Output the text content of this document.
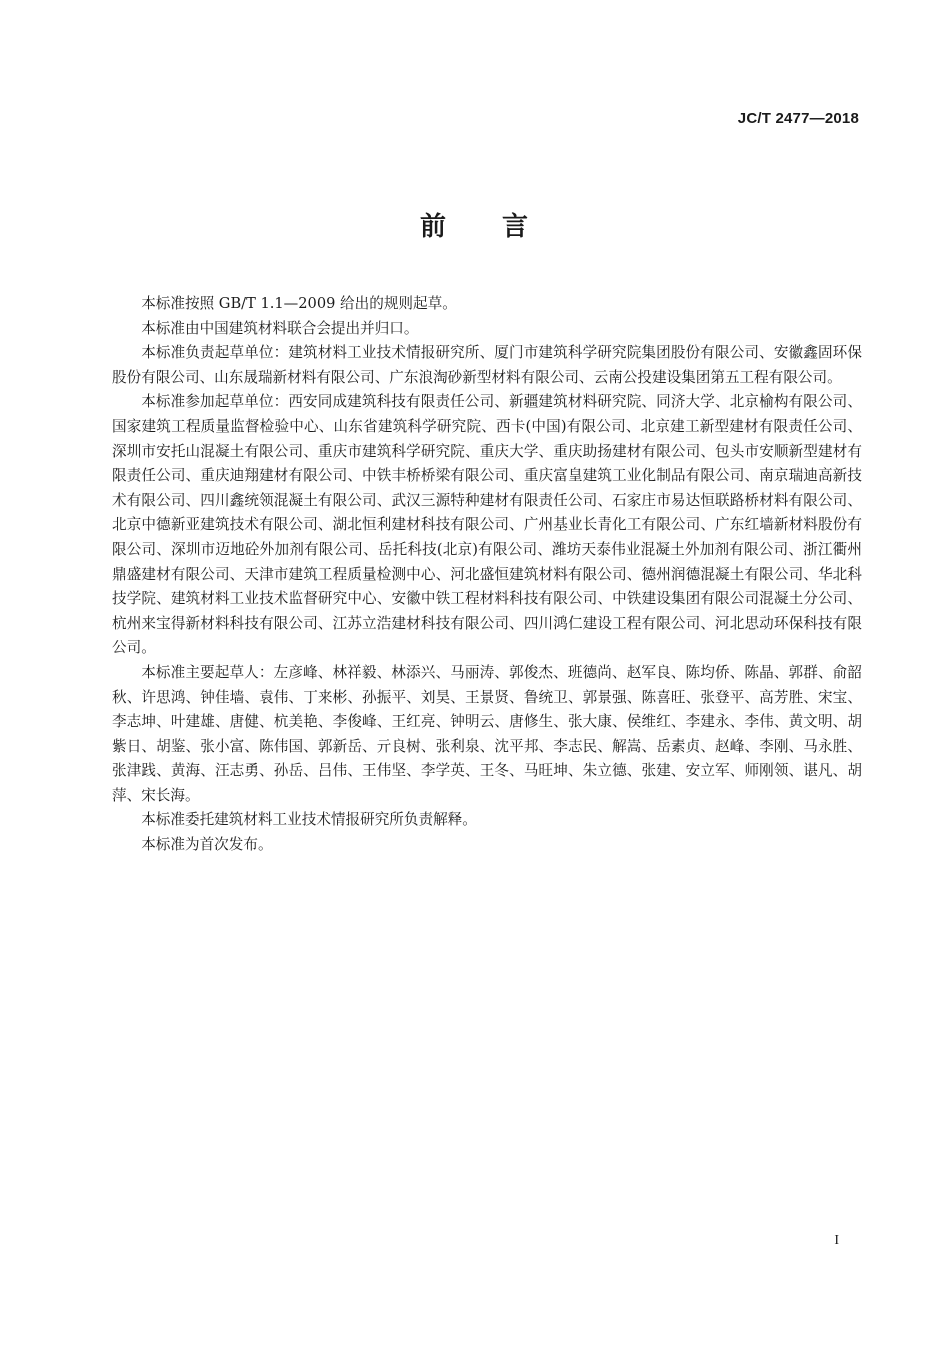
JC/T 2477—2018
前 言

本标准按照 GB/T 1.1—2009 给出的规则起草。

本标准由中国建筑材料联合会提出并归口。

本标准负责起草单位：建筑材料工业技术情报研究所、厦门市建筑科学研究院集团股份有限公司、安徽鑫固环保股份有限公司、山东晟瑞新材料有限公司、广东浪淘砂新型材料有限公司、云南公投建设集团第五工程有限公司。

本标准参加起草单位：西安同成建筑科技有限责任公司、新疆建筑材料研究院、同济大学、北京榆构有限公司、国家建筑工程质量监督检验中心、山东省建筑科学研究院、西卡(中国)有限公司、北京建工新型建材有限责任公司、深圳市安托山混凝土有限公司、重庆市建筑科学研究院、重庆大学、重庆助扬建材有限公司、包头市安顺新型建材有限责任公司、重庆迪翔建材有限公司、中铁丰桥桥梁有限公司、重庆富皇建筑工业化制品有限公司、南京瑞迪高新技术有限公司、四川鑫统领混凝土有限公司、武汉三源特种建材有限责任公司、石家庄市易达恒联路桥材料有限公司、北京中德新亚建筑技术有限公司、湖北恒利建材科技有限公司、广州基业长青化工有限公司、广东红墙新材料股份有限公司、深圳市迈地砼外加剂有限公司、岳托科技(北京)有限公司、潍坊天泰伟业混凝土外加剂有限公司、浙江衢州鼎盛建材有限公司、天津市建筑工程质量检测中心、河北盛恒建筑材料有限公司、德州润德混凝土有限公司、华北科技学院、建筑材料工业技术监督研究中心、安徽中铁工程材料科技有限公司、中铁建设集团有限公司混凝土分公司、杭州来宝得新材料科技有限公司、江苏立浩建材科技有限公司、四川鸿仁建设工程有限公司、河北思动环保科技有限公司。

本标准主要起草人：左彦峰、林祥毅、林添兴、马丽涛、郭俊杰、班德尚、赵军良、陈均侨、陈晶、郭群、俞韶秋、许思鸿、钟佳墙、袁伟、丁来彬、孙振平、刘昊、王景贤、鲁统卫、郭景强、陈喜旺、张登平、高芳胜、宋宝、李志坤、叶建雄、唐健、杭美艳、李俊峰、王红亮、钟明云、唐修生、张大康、侯维红、李建永、李伟、黄文明、胡紫日、胡鉴、张小富、陈伟国、郭新岳、亓良树、张利泉、沈平邦、李志民、解嵩、岳素贞、赵峰、李刚、马永胜、张津践、黄海、汪志勇、孙岳、吕伟、王伟坚、李学英、王冬、马旺坤、朱立德、张建、安立军、师刚领、谌凡、胡萍、宋长海。

本标准委托建筑材料工业技术情报研究所负责解释。

本标准为首次发布。

I
